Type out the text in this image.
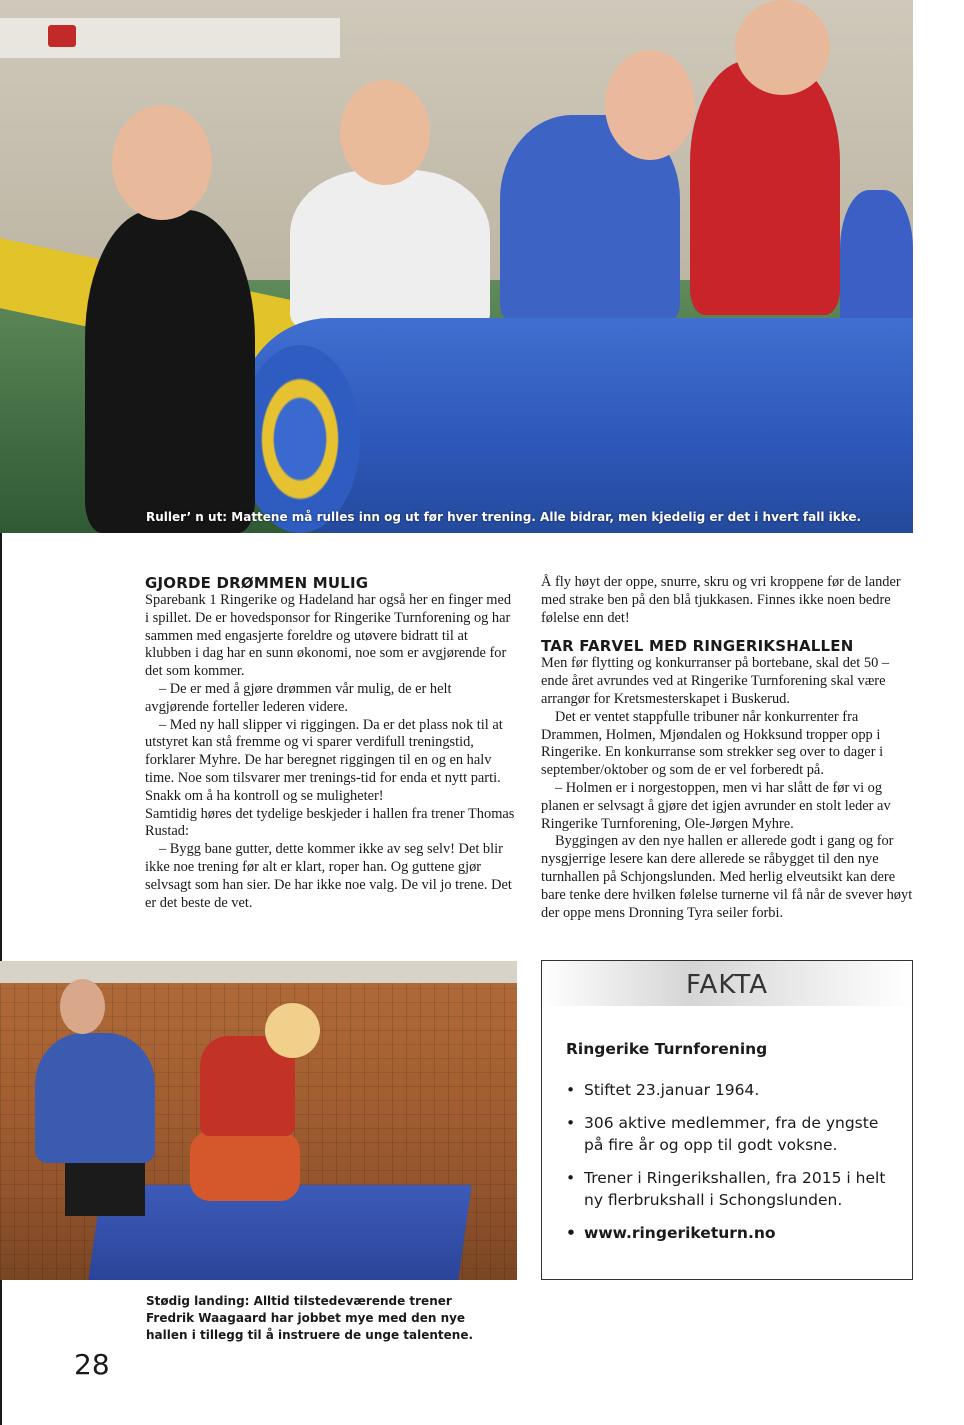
Ruller’ n ut: Mattene må rulles inn og ut før hver trening. Alle bidrar, men kjedelig er det i hvert fall ikke.
GJORDE DRØMMEN MULIG

Sparebank 1 Ringerike og Hadeland har også her en finger med i spillet. De er hovedsponsor for Ringerike Turnforening og har sammen med engasjerte foreldre og utøvere bidratt til at klubben i dag har en sunn økonomi, noe som er avgjørende for det som kommer.

– De er med å gjøre drømmen vår mulig, de er helt avgjørende forteller lederen videre.

– Med ny hall slipper vi riggingen. Da er det plass nok til at utstyret kan stå fremme og vi sparer verdifull treningstid, forklarer Myhre. De har beregnet riggingen til en og en halv time. Noe som tilsvarer mer trenings-tid for enda et nytt parti. Snakk om å ha kontroll og se muligheter!

Samtidig høres det tydelige beskjeder i hallen fra trener Thomas Rustad:

– Bygg bane gutter, dette kommer ikke av seg selv! Det blir ikke noe trening før alt er klart, roper han. Og guttene gjør selvsagt som han sier. De har ikke noe valg. De vil jo trene. Det er det beste de vet.

Å fly høyt der oppe, snurre, skru og vri kroppene før de lander med strake ben på den blå tjukkasen. Finnes ikke noen bedre følelse enn det!

TAR FARVEL MED RINGERIKSHALLEN

Men før flytting og konkurranser på bortebane, skal det 50 – ende året avrundes ved at Ringerike Turnforening skal være arrangør for Kretsmesterskapet i Buskerud.

Det er ventet stappfulle tribuner når konkurrenter fra Drammen, Holmen, Mjøndalen og Hokksund tropper opp i Ringerike. En konkurranse som strekker seg over to dager i september/oktober og som de er vel forberedt på.

– Holmen er i norgestoppen, men vi har slått de før vi og planen er selvsagt å gjøre det igjen avrunder en stolt leder av Ringerike Turnforening, Ole-Jørgen Myhre.

Byggingen av den nye hallen er allerede godt i gang og for nysgjerrige lesere kan dere allerede se råbygget til den nye turnhallen på Schjongslunden. Med herlig elveutsikt kan dere bare tenke dere hvilken følelse turnerne vil få når de svever høyt der oppe mens Dronning Tyra seiler forbi.

Stødig landing: Alltid tilstedeværende trener Fredrik Waagaard har jobbet mye med den nye hallen i tillegg til å instruere de unge talentene.
FAKTA
Ringerike Turnforening
• Stiftet 23.januar 1964.
• 306 aktive medlemmer, fra de yngste på fire år og opp til godt voksne.
• Trener i Ringerikshallen, fra 2015 i helt ny flerbrukshall i Schongslunden.
• www.ringeriketurn.no
28
